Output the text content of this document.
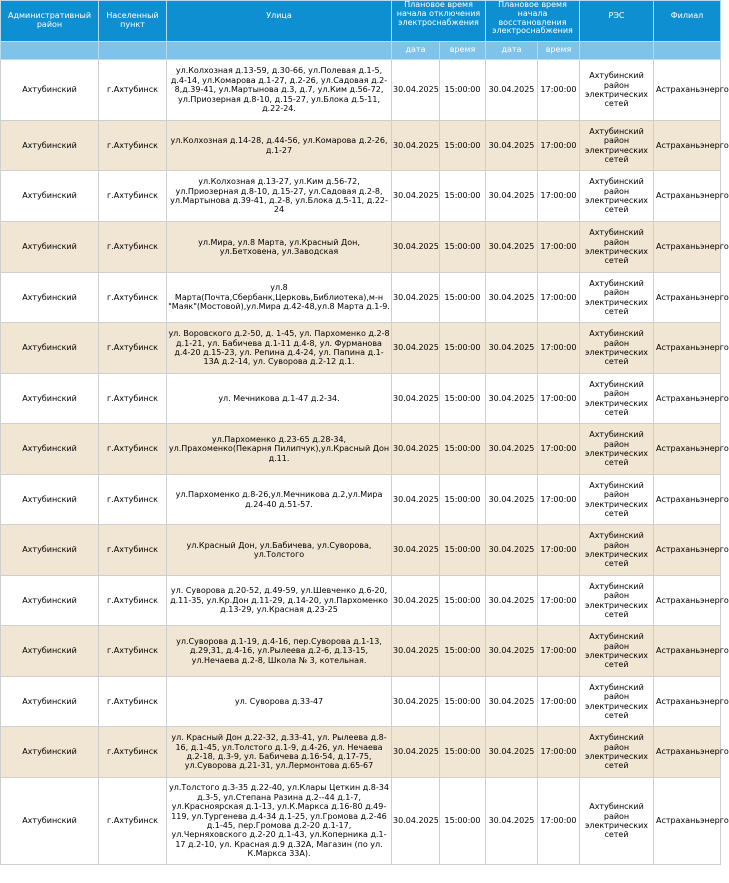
Административный район	Населенный пункт	Улица	Плановое время начала отключения электроснабжения		Плановое время начала восстановления электроснабжения		РЭС	Филиал
			дата	время	дата	время		
Ахтубинский	г.Ахтубинск	ул.Колхозная д.13-59, д.30-66, ул.Полевая д.1-5, д.4-14, ул.Комарова д.1-27, д.2-26, ул.Садовая д.2-8,д.39-41, ул.Мартынова д.3, д.7, ул.Ким д.56-72, ул.Приозерная д.8-10, д.15-27, ул.Блока д.5-11, д.22-24.	30.04.2025	15:00:00	30.04.2025	17:00:00	Ахтубинский район электрических сетей	Астраханьэнерго
Ахтубинский	г.Ахтубинск	ул.Колхозная д.14-28, д.44-56, ул.Комарова д.2-26, д.1-27	30.04.2025	15:00:00	30.04.2025	17:00:00	Ахтубинский район электрических сетей	Астраханьэнерго
Ахтубинский	г.Ахтубинск	ул.Колхозная д.13-27, ул.Ким д.56-72, ул.Приозерная д.8-10, д.15-27, ул.Садовая д.2-8, ул.Мартынова д.39-41, д.2-8, ул.Блока д.5-11, д.22-24	30.04.2025	15:00:00	30.04.2025	17:00:00	Ахтубинский район электрических сетей	Астраханьэнерго
Ахтубинский	г.Ахтубинск	ул.Мира, ул.8 Марта, ул.Красный Дон, ул.Бетховена, ул.Заводская	30.04.2025	15:00:00	30.04.2025	17:00:00	Ахтубинский район электрических сетей	Астраханьэнерго
Ахтубинский	г.Ахтубинск	ул.8 Марта(Почта,Сбербанк,Церковь,Библиотека),м-н "Маяк"(Мостовой),ул.Мира д.42-48,ул.8 Марта д.1-9.	30.04.2025	15:00:00	30.04.2025	17:00:00	Ахтубинский район электрических сетей	Астраханьэнерго
Ахтубинский	г.Ахтубинск	ул. Воровского д.2-50, д. 1-45, ул. Пархоменко д.2-8 д.1-21, ул. Бабичева д.1-11 д.4-8, ул. Фурманова д.4-20 д.15-23, ул. Репина д.4-24, ул. Папина д.1-13А д.2-14, ул. Суворова д.2-12 д.1.	30.04.2025	15:00:00	30.04.2025	17:00:00	Ахтубинский район электрических сетей	Астраханьэнерго
Ахтубинский	г.Ахтубинск	ул. Мечникова д.1-47 д.2-34.	30.04.2025	15:00:00	30.04.2025	17:00:00	Ахтубинский район электрических сетей	Астраханьэнерго
Ахтубинский	г.Ахтубинск	ул.Пархоменко д.23-65 д.28-34, ул.Прахоменко(Пекарня Пилипчук),ул.Красный Дон д.11.	30.04.2025	15:00:00	30.04.2025	17:00:00	Ахтубинский район электрических сетей	Астраханьэнерго
Ахтубинский	г.Ахтубинск	ул.Пархоменко д.8-26,ул.Мечникова д.2,ул.Мира д.24-40 д.51-57.	30.04.2025	15:00:00	30.04.2025	17:00:00	Ахтубинский район электрических сетей	Астраханьэнерго
Ахтубинский	г.Ахтубинск	ул.Красный Дон, ул.Бабичева, ул.Суворова, ул.Толстого	30.04.2025	15:00:00	30.04.2025	17:00:00	Ахтубинский район электрических сетей	Астраханьэнерго
Ахтубинский	г.Ахтубинск	ул. Суворова д.20-52, д.49-59, ул.Шевченко д.6-20, д.11-35, ул.Кр.Дон д.11-29, д.14-20, ул.Пархоменко д.13-29, ул.Красная д.23-25	30.04.2025	15:00:00	30.04.2025	17:00:00	Ахтубинский район электрических сетей	Астраханьэнерго
Ахтубинский	г.Ахтубинск	ул.Суворова д.1-19, д.4-16, пер.Суворова д.1-13, д.29,31, д.4-16, ул.Рылеева д.2-6, д.13-15, ул.Нечаева д.2-8, Школа № 3, котельная.	30.04.2025	15:00:00	30.04.2025	17:00:00	Ахтубинский район электрических сетей	Астраханьэнерго
Ахтубинский	г.Ахтубинск	ул. Суворова д.33-47	30.04.2025	15:00:00	30.04.2025	17:00:00	Ахтубинский район электрических сетей	Астраханьэнерго
Ахтубинский	г.Ахтубинск	ул. Красный Дон д.22-32, д.33-41, ул. Рылеева д.8-16, д.1-45, ул.Толстого д.1-9, д.4-26, ул. Нечаева д.2-18, д.3-9, ул. Бабичева д.16-54, д.17-75, ул.Суворова д.21-31, ул.Лермонтова д.65-67	30.04.2025	15:00:00	30.04.2025	17:00:00	Ахтубинский район электрических сетей	Астраханьэнерго
Ахтубинский	г.Ахтубинск	ул.Толстого д.3-35 д.22-40, ул.Клары Цеткин д.8-34 д.3-5, ул.Степана Разина д.2--44 д.1-7, ул.Красноярская д.1-13, ул.К.Маркса д.16-80 д.49-119, ул.Тургенева д.4-34 д.1-25, ул.Громова д.2-46 д.1-45, пер.Громова д.2-20 д.1-17, ул.Черняховского д.2-20 д.1-43, ул.Коперника д.1-17 д.2-10, ул. Красная д.9 д.32А, Магазин (по ул. К.Маркса 33А).	30.04.2025	15:00:00	30.04.2025	17:00:00	Ахтубинский район электрических сетей	Астраханьэнерго
